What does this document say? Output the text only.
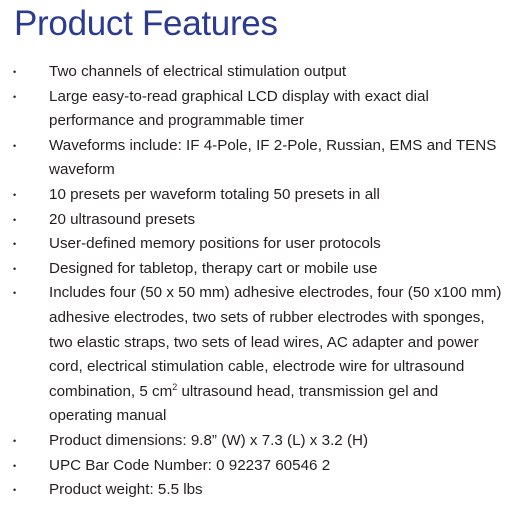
Product Features
•	Two channels of electrical stimulation output
•	Large easy-to-read graphical LCD display with exact dial
performance and programmable timer
•	Waveforms include: IF 4-Pole, IF 2-Pole, Russian, EMS and TENS
waveform
•	10 presets per waveform totaling 50 presets in all
•	20 ultrasound presets
•	User-defined memory positions for user protocols
•	Designed for tabletop, therapy cart or mobile use
•	Includes four (50 x 50 mm) adhesive electrodes, four (50 x100 mm)
adhesive electrodes, two sets of rubber electrodes with sponges,
two elastic straps, two sets of lead wires, AC adapter and power
cord, electrical stimulation cable, electrode wire for ultrasound
combination, 5 $cm^2$ ultrasound head, transmission gel and
operating manual
•	Product dimensions: 9.8” (W) x 7.3 (L) x 3.2 (H)
•	UPC Bar Code Number: 0 92237 60546 2
•	Product weight: 5.5 lbs
